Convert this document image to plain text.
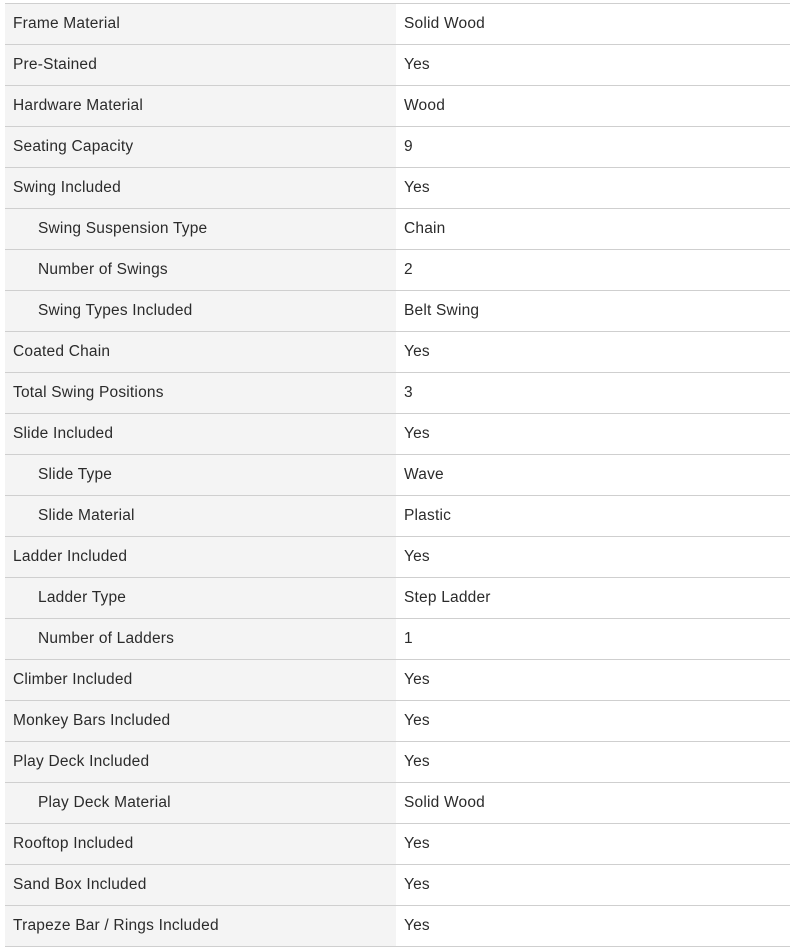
Frame Material	Solid Wood
Pre-Stained	Yes
Hardware Material	Wood
Seating Capacity	9
Swing Included	Yes
Swing Suspension Type	Chain
Number of Swings	2
Swing Types Included	Belt Swing
Coated Chain	Yes
Total Swing Positions	3
Slide Included	Yes
Slide Type	Wave
Slide Material	Plastic
Ladder Included	Yes
Ladder Type	Step Ladder
Number of Ladders	1
Climber Included	Yes
Monkey Bars Included	Yes
Play Deck Included	Yes
Play Deck Material	Solid Wood
Rooftop Included	Yes
Sand Box Included	Yes
Trapeze Bar / Rings Included	Yes
